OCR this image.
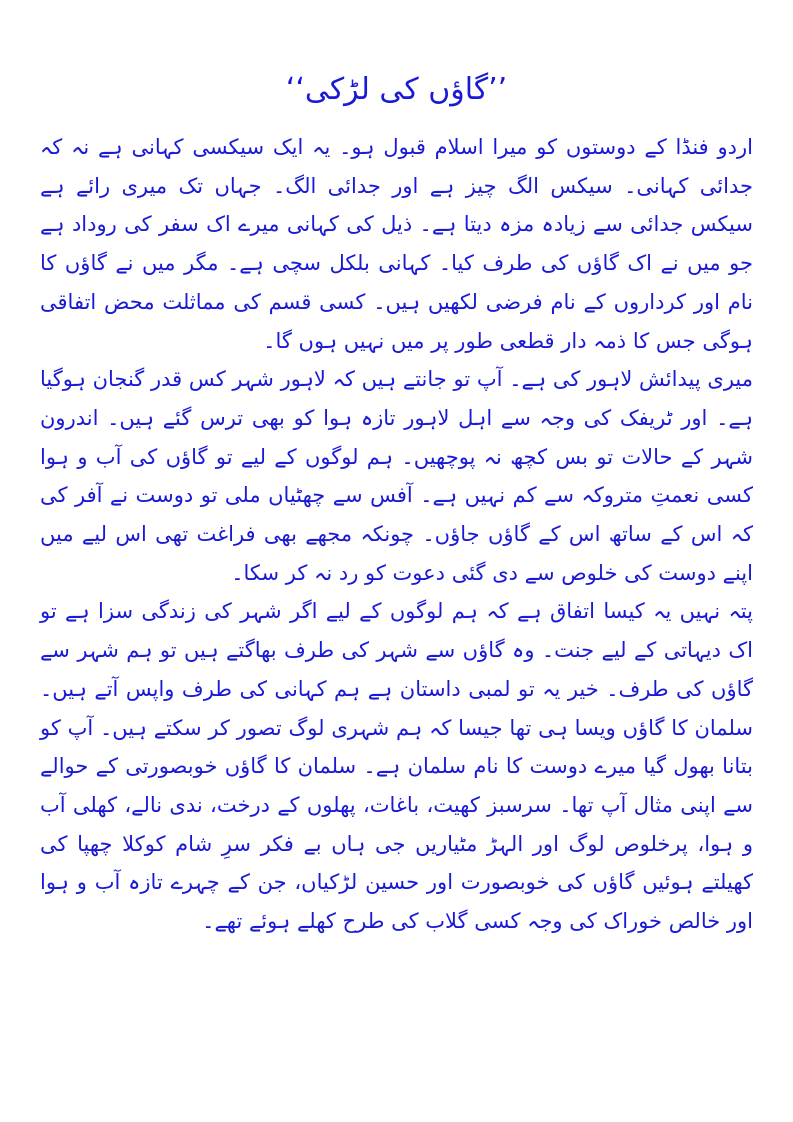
’’گاؤں کی لڑکی‘‘

اردو فنڈا کے دوستوں کو میرا اسلام قبول ہو۔ یہ ایک سیکسی کہانی ہے نہ کہ جدائی کہانی۔ سیکس الگ چیز ہے اور جدائی الگ۔ جہاں تک میری رائے ہے سیکس جدائی سے زیادہ مزہ دیتا ہے۔ ذیل کی کہانی میرے اک سفر کی روداد ہے جو میں نے اک گاؤں کی طرف کیا۔ کہانی بلکل سچی ہے۔ مگر میں نے گاؤں کا نام اور کرداروں کے نام فرضی لکھیں ہیں۔ کسی قسم کی مماثلت محض اتفاقی ہوگی جس کا ذمہ دار قطعی طور پر میں نہیں ہوں گا۔

میری پیدائش لاہور کی ہے۔ آپ تو جانتے ہیں کہ لاہور شہر کس قدر گنجان ہوگیا ہے۔ اور ٹریفک کی وجہ سے اہل لاہور تازہ ہوا کو بھی ترس گئے ہیں۔ اندرون شہر کے حالات تو بس کچھ نہ پوچھیں۔ ہم لوگوں کے لیے تو گاؤں کی آب و ہوا کسی نعمتِ متروکہ سے کم نہیں ہے۔ آفس سے چھٹیاں ملی تو دوست نے آفر کی کہ اس کے ساتھ اس کے گاؤں جاؤں۔ چونکہ مجھے بھی فراغت تھی اس لیے میں اپنے دوست کی خلوص سے دی گئی دعوت کو رد نہ کر سکا۔

پتہ نہیں یہ کیسا اتفاق ہے کہ ہم لوگوں کے لیے اگر شہر کی زندگی سزا ہے تو اک دیہاتی کے لیے جنت۔ وہ گاؤں سے شہر کی طرف بھاگتے ہیں تو ہم شہر سے گاؤں کی طرف۔ خیر یہ تو لمبی داستان ہے ہم کہانی کی طرف واپس آتے ہیں۔ سلمان کا گاؤں ویسا ہی تھا جیسا کہ ہم شہری لوگ تصور کر سکتے ہیں۔ آپ کو بتانا بھول گیا میرے دوست کا نام سلمان ہے۔ سلمان کا گاؤں خوبصورتی کے حوالے سے اپنی مثال آپ تھا۔ سرسبز کھیت، باغات، پھلوں کے درخت، ندی نالے، کھلی آب و ہوا، پرخلوص لوگ اور الہڑ مٹیاریں جی ہاں بے فکر سرِ شام کوکلا چھپا کی کھیلتے ہوئیں گاؤں کی خوبصورت اور حسین لڑکیاں، جن کے چہرے تازہ آب و ہوا اور خالص خوراک کی وجہ کسی گلاب کی طرح کھلے ہوئے تھے۔
